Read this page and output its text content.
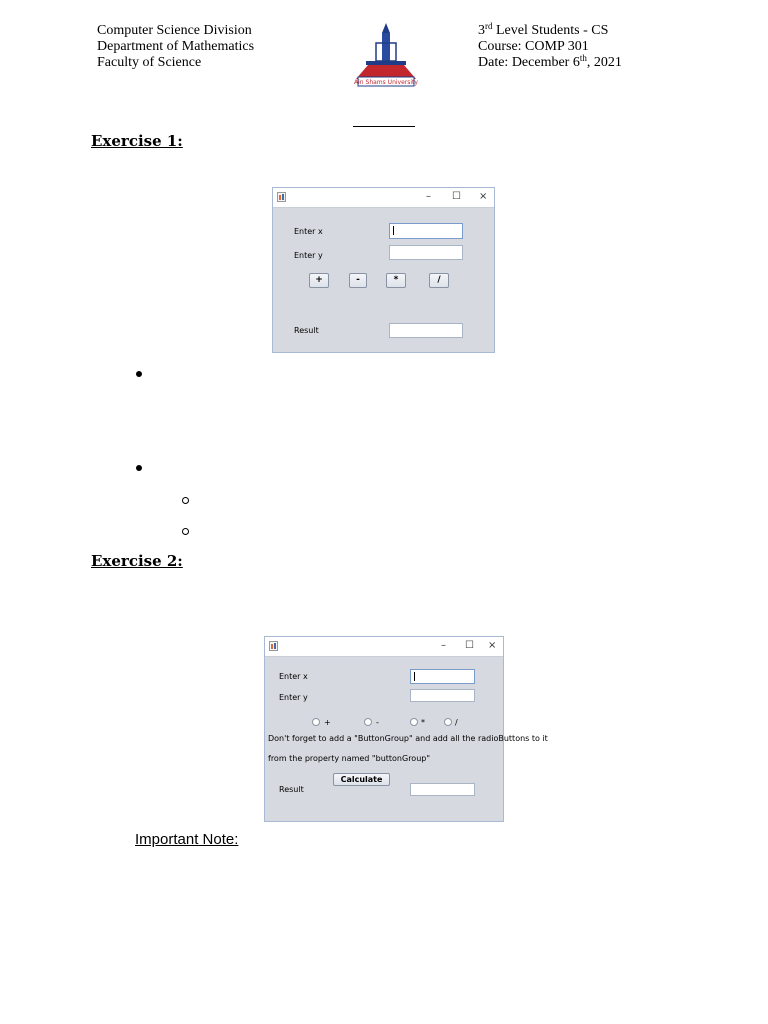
Computer Science Division
Department of Mathematics
Faculty of Science
Ain Shams University
3rd Level Students - CS
Course: COMP 301
Date: December 6th, 2021
Exercise 1:
– ☐ ×
Enter x
Enter y
+	-	*	/
Result
Exercise 2:
– ☐ ×
Enter x
Enter y
+	-	*	/
Don't forget to add a "ButtonGroup" and add all the radioButtons to it
from the property named "buttonGroup"
Calculate
Result
Important Note:
